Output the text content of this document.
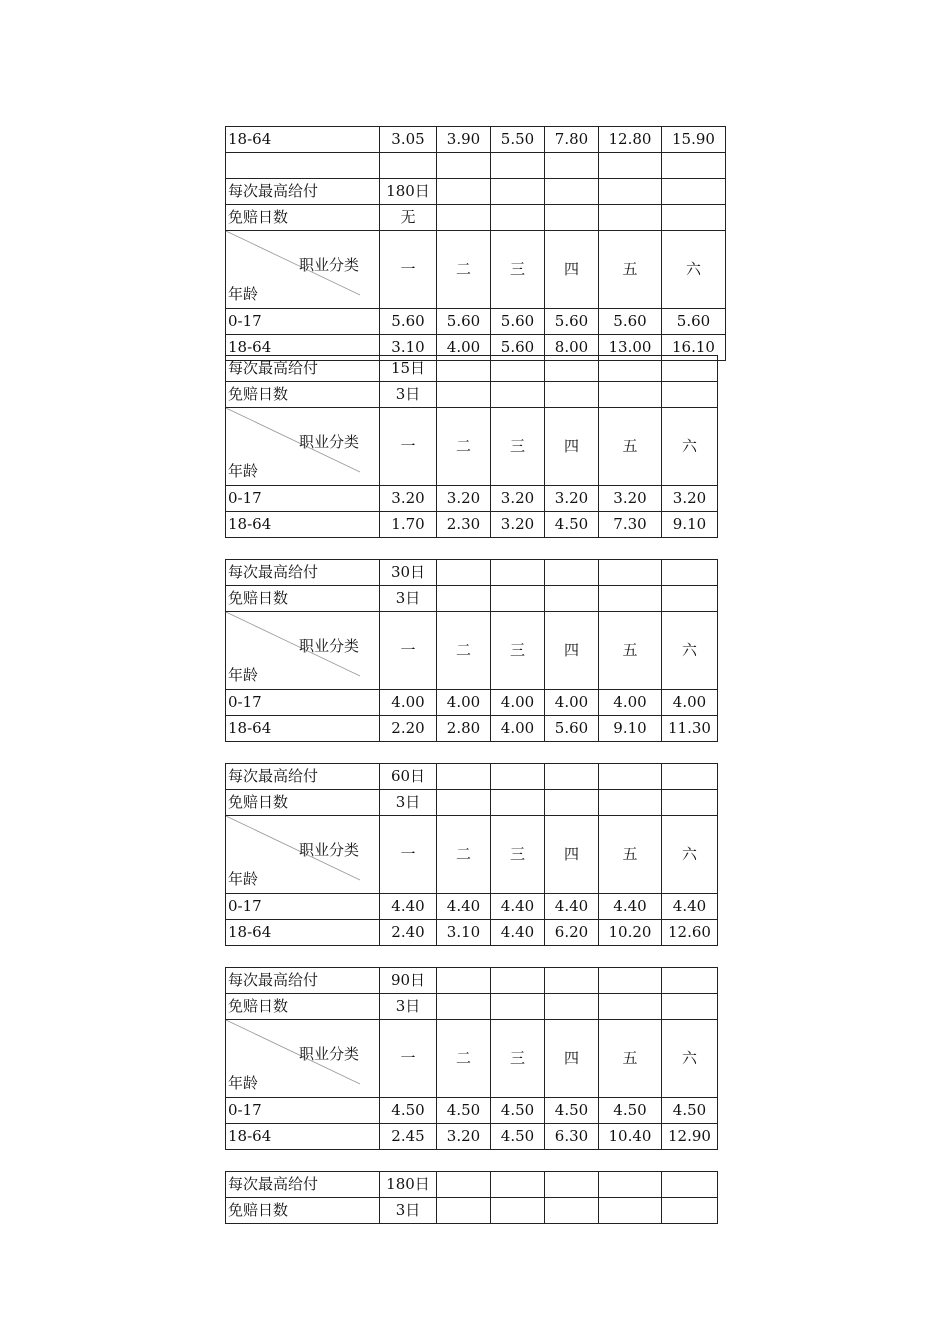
18-64	3.05	3.90	5.50	7.80	12.80	15.90

每次最高给付	180日					
免赔日数	无					

职业分类
年龄	一	二	三	四	五	六
0-17	5.60	5.60	5.60	5.60	5.60	5.60
18-64	3.10	4.00	5.60	8.00	13.00	16.10
每次最高给付	15日					
免赔日数	3日					

职业分类
年龄	一	二	三	四	五	六
0-17	3.20	3.20	3.20	3.20	3.20	3.20
18-64	1.70	2.30	3.20	4.50	7.30	9.10
每次最高给付	30日					
免赔日数	3日					

职业分类
年龄	一	二	三	四	五	六
0-17	4.00	4.00	4.00	4.00	4.00	4.00
18-64	2.20	2.80	4.00	5.60	9.10	11.30
每次最高给付	60日					
免赔日数	3日					

职业分类
年龄	一	二	三	四	五	六
0-17	4.40	4.40	4.40	4.40	4.40	4.40
18-64	2.40	3.10	4.40	6.20	10.20	12.60
每次最高给付	90日					
免赔日数	3日					

职业分类
年龄	一	二	三	四	五	六
0-17	4.50	4.50	4.50	4.50	4.50	4.50
18-64	2.45	3.20	4.50	6.30	10.40	12.90
每次最高给付	180日					
免赔日数	3日					
